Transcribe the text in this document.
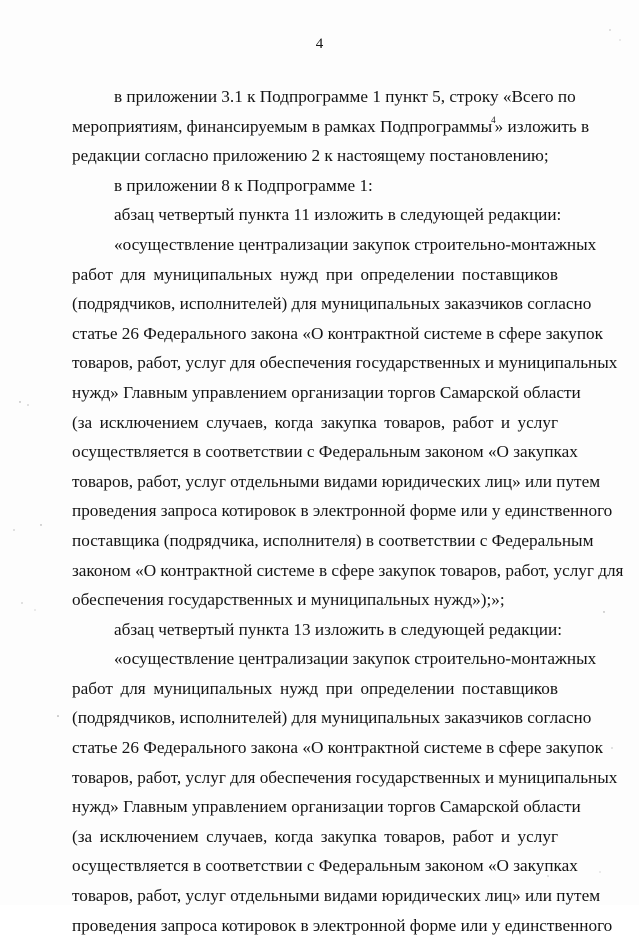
4
в приложении 3.1 к Подпрограмме 1 пункт 5, строку «Всего по
мероприятиям, финансируемым в рамках Подпрограммы$^4$» изложить в
редакции согласно приложению 2 к настоящему постановлению;
в приложении 8 к Подпрограмме 1:
абзац четвертый пункта 11 изложить в следующей редакции:
«осуществление централизации закупок строительно-монтажных
работ для муниципальных нужд при определении поставщиков
(подрядчиков, исполнителей) для муниципальных заказчиков согласно
статье 26 Федерального закона «О контрактной системе в сфере закупок
товаров, работ, услуг для обеспечения государственных и муниципальных
нужд» Главным управлением организации торгов Самарской области
(за исключением случаев, когда закупка товаров, работ и услуг
осуществляется в соответствии с Федеральным законом «О закупках
товаров, работ, услуг отдельными видами юридических лиц» или путем
проведения запроса котировок в электронной форме или у единственного
поставщика (подрядчика, исполнителя) в соответствии с Федеральным
законом «О контрактной системе в сфере закупок товаров, работ, услуг для
обеспечения государственных и муниципальных нужд»);»;
абзац четвертый пункта 13 изложить в следующей редакции:
«осуществление централизации закупок строительно-монтажных
работ для муниципальных нужд при определении поставщиков
(подрядчиков, исполнителей) для муниципальных заказчиков согласно
статье 26 Федерального закона «О контрактной системе в сфере закупок
товаров, работ, услуг для обеспечения государственных и муниципальных
нужд» Главным управлением организации торгов Самарской области
(за исключением случаев, когда закупка товаров, работ и услуг
осуществляется в соответствии с Федеральным законом «О закупках
товаров, работ, услуг отдельными видами юридических лиц» или путем
проведения запроса котировок в электронной форме или у единственного
